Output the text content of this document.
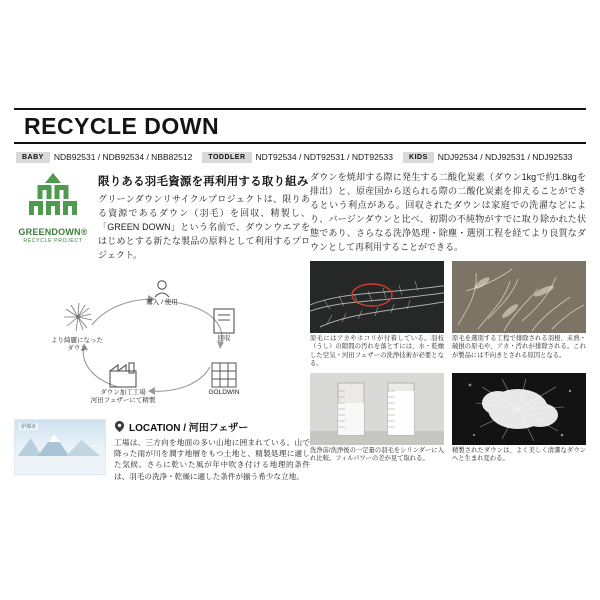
RECYCLE DOWN
BABY	NDB92531 / NDB92534 / NBB82512	TODDLER	NDT92534 / NDT92531 / NDT92533	KIDS	NDJ92534 / NDJ92531 / NDJ92533
GREENDOWN®
RECYCLE PROJECT
限りある羽毛資源を再利用する取り組み

グリーンダウンリサイクルプロジェクトは、限りある資源であるダウン（羽毛）を回収、精製し、「GREEN DOWN」という名前で、ダウンウエアをはじめとする新たな製品の原料として利用するプロジェクト。

購入 / 使用
回収
GOLDWIN
ダウン加工工場
河田フェザーにて精製
より綺麗になった
ダウン
伊那市	LOCATION / 河田フェザー

工場は、三方向を地面の多い山地に囲まれている。山で降った雨が川を潤す地層をもつ土地と、精製処理に適した気候。さらに乾いた風が年中吹き付ける地理的条件は、羽毛の洗浄・乾燥に適した条件が揃う希少な立地。

ダウンを焼却する際に発生する二酸化炭素（ダウン1kgで約1.8kgを排出）と、原産国から送られる際の二酸化炭素を抑えることができるという利点がある。回収されたダウンは家庭での洗濯などにより、バージンダウンと比べ、初期の不純物がすでに取り除かれた状態であり、さらなる洗浄処理・除塵・選別工程を経てより良質なダウンとして再利用することができる。

原毛にはアカやホコリが付着している。羽枝（うし）の隙間の汚れを落とすには、水・乾燥した空気・河田フェザーの洗浄技術が必要となる。
原毛を選別する工程で排除される羽根、未熟・破損の原毛や、アカ・汚れが排除される。これが製品には不向きとされる原因となる。
洗浄前/洗浄後の一定量の羽毛をシリンダーに入れ比較。フィルパワーの差が見て取れる。
精製されたダウンは、よく美しく清潔なダウンへと生まれ変わる。
